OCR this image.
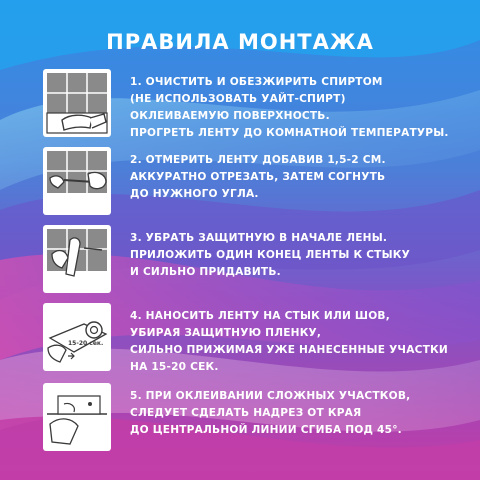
ПРАВИЛА МОНТАЖА
1. ОЧИСТИТЬ И ОБЕЗЖИРИТЬ СПИРТОМ
(НЕ ИСПОЛЬЗОВАТЬ УАЙТ-СПИРТ)
ОКЛЕИВАЕМУЮ ПОВЕРХНОСТЬ.
ПРОГРЕТЬ ЛЕНТУ ДО КОМНАТНОЙ ТЕМПЕРАТУРЫ.
2. ОТМЕРИТЬ ЛЕНТУ ДОБАВИВ 1,5-2 СМ.
АККУРАТНО ОТРЕЗАТЬ, ЗАТЕМ СОГНУТЬ
ДО НУЖНОГО УГЛА.
3. УБРАТЬ ЗАЩИТНУЮ В НАЧАЛЕ ЛЕНЫ.
ПРИЛОЖИТЬ ОДИН КОНЕЦ ЛЕНТЫ К СТЫКУ
И СИЛЬНО ПРИДАВИТЬ.
15-20 сек.
4. НАНОСИТЬ ЛЕНТУ НА СТЫК ИЛИ ШОВ,
УБИРАЯ ЗАЩИТНУЮ ПЛЕНКУ,
СИЛЬНО ПРИЖИМАЯ УЖЕ НАНЕСЕННЫЕ УЧАСТКИ
НА 15-20 СЕК.
5. ПРИ ОКЛЕИВАНИИ СЛОЖНЫХ УЧАСТКОВ,
СЛЕДУЕТ СДЕЛАТЬ НАДРЕЗ ОТ КРАЯ
ДО ЦЕНТРАЛЬНОЙ ЛИНИИ СГИБА ПОД 45°.
